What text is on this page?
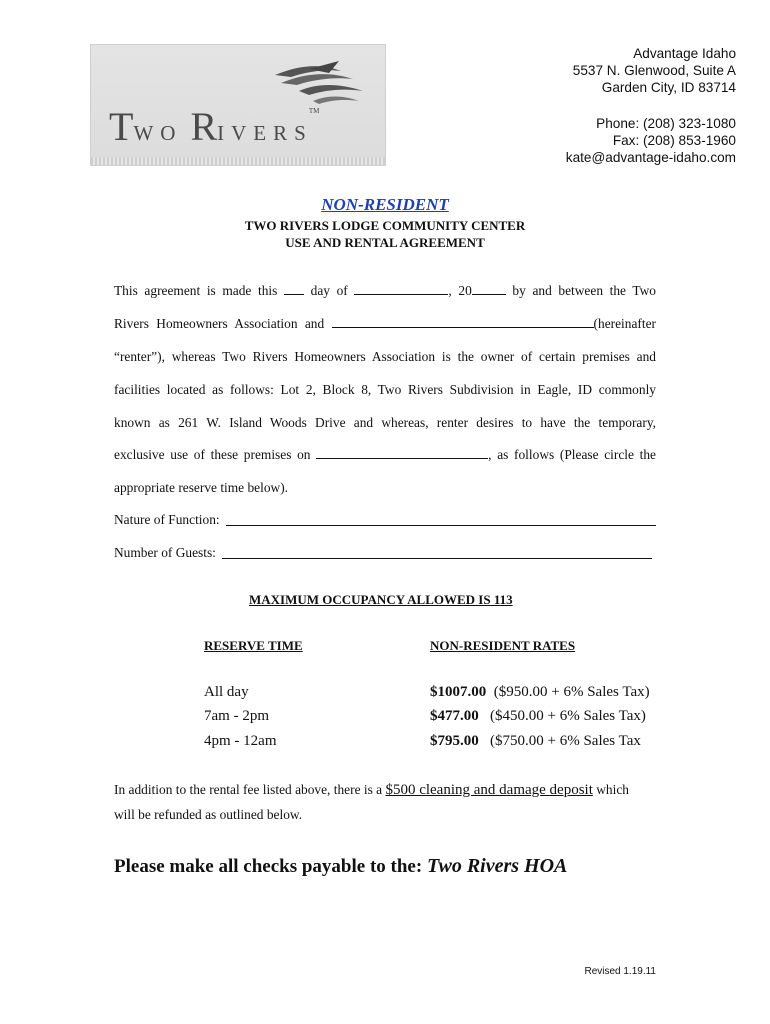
TWO RIVERS™
Advantage Idaho
5537 N. Glenwood, Suite A
Garden City, ID 83714
Phone: (208) 323-1080
Fax: (208) 853-1960
kate@advantage-idaho.com
NON-RESIDENT
TWO RIVERS LODGE COMMUNITY CENTER
USE AND RENTAL AGREEMENT
This agreement is made this day of	, 20	by and between the Two
Rivers Homeowners Association and	(hereinafter
“renter”), whereas Two Rivers Homeowners Association is the owner of certain premises and
facilities located as follows: Lot 2, Block 8, Two Rivers Subdivision in Eagle, ID commonly
known as 261 W. Island Woods Drive and whereas, renter desires to have the temporary,
exclusive use of these premises on	, as follows (Please circle the
appropriate reserve time below).
Nature of Function:
Number of Guests:
MAXIMUM OCCUPANCY ALLOWED IS 113
RESERVE TIME	NON-RESIDENT RATES
All day	$1007.00 ($950.00 + 6% Sales Tax)
7am - 2pm	$477.00 ($450.00 + 6% Sales Tax)
4pm - 12am	$795.00 ($750.00 + 6% Sales Tax
In addition to the rental fee listed above, there is a $500 cleaning and damage deposit which
will be refunded as outlined below.
Please make all checks payable to the: Two Rivers HOA
Revised 1.19.11
